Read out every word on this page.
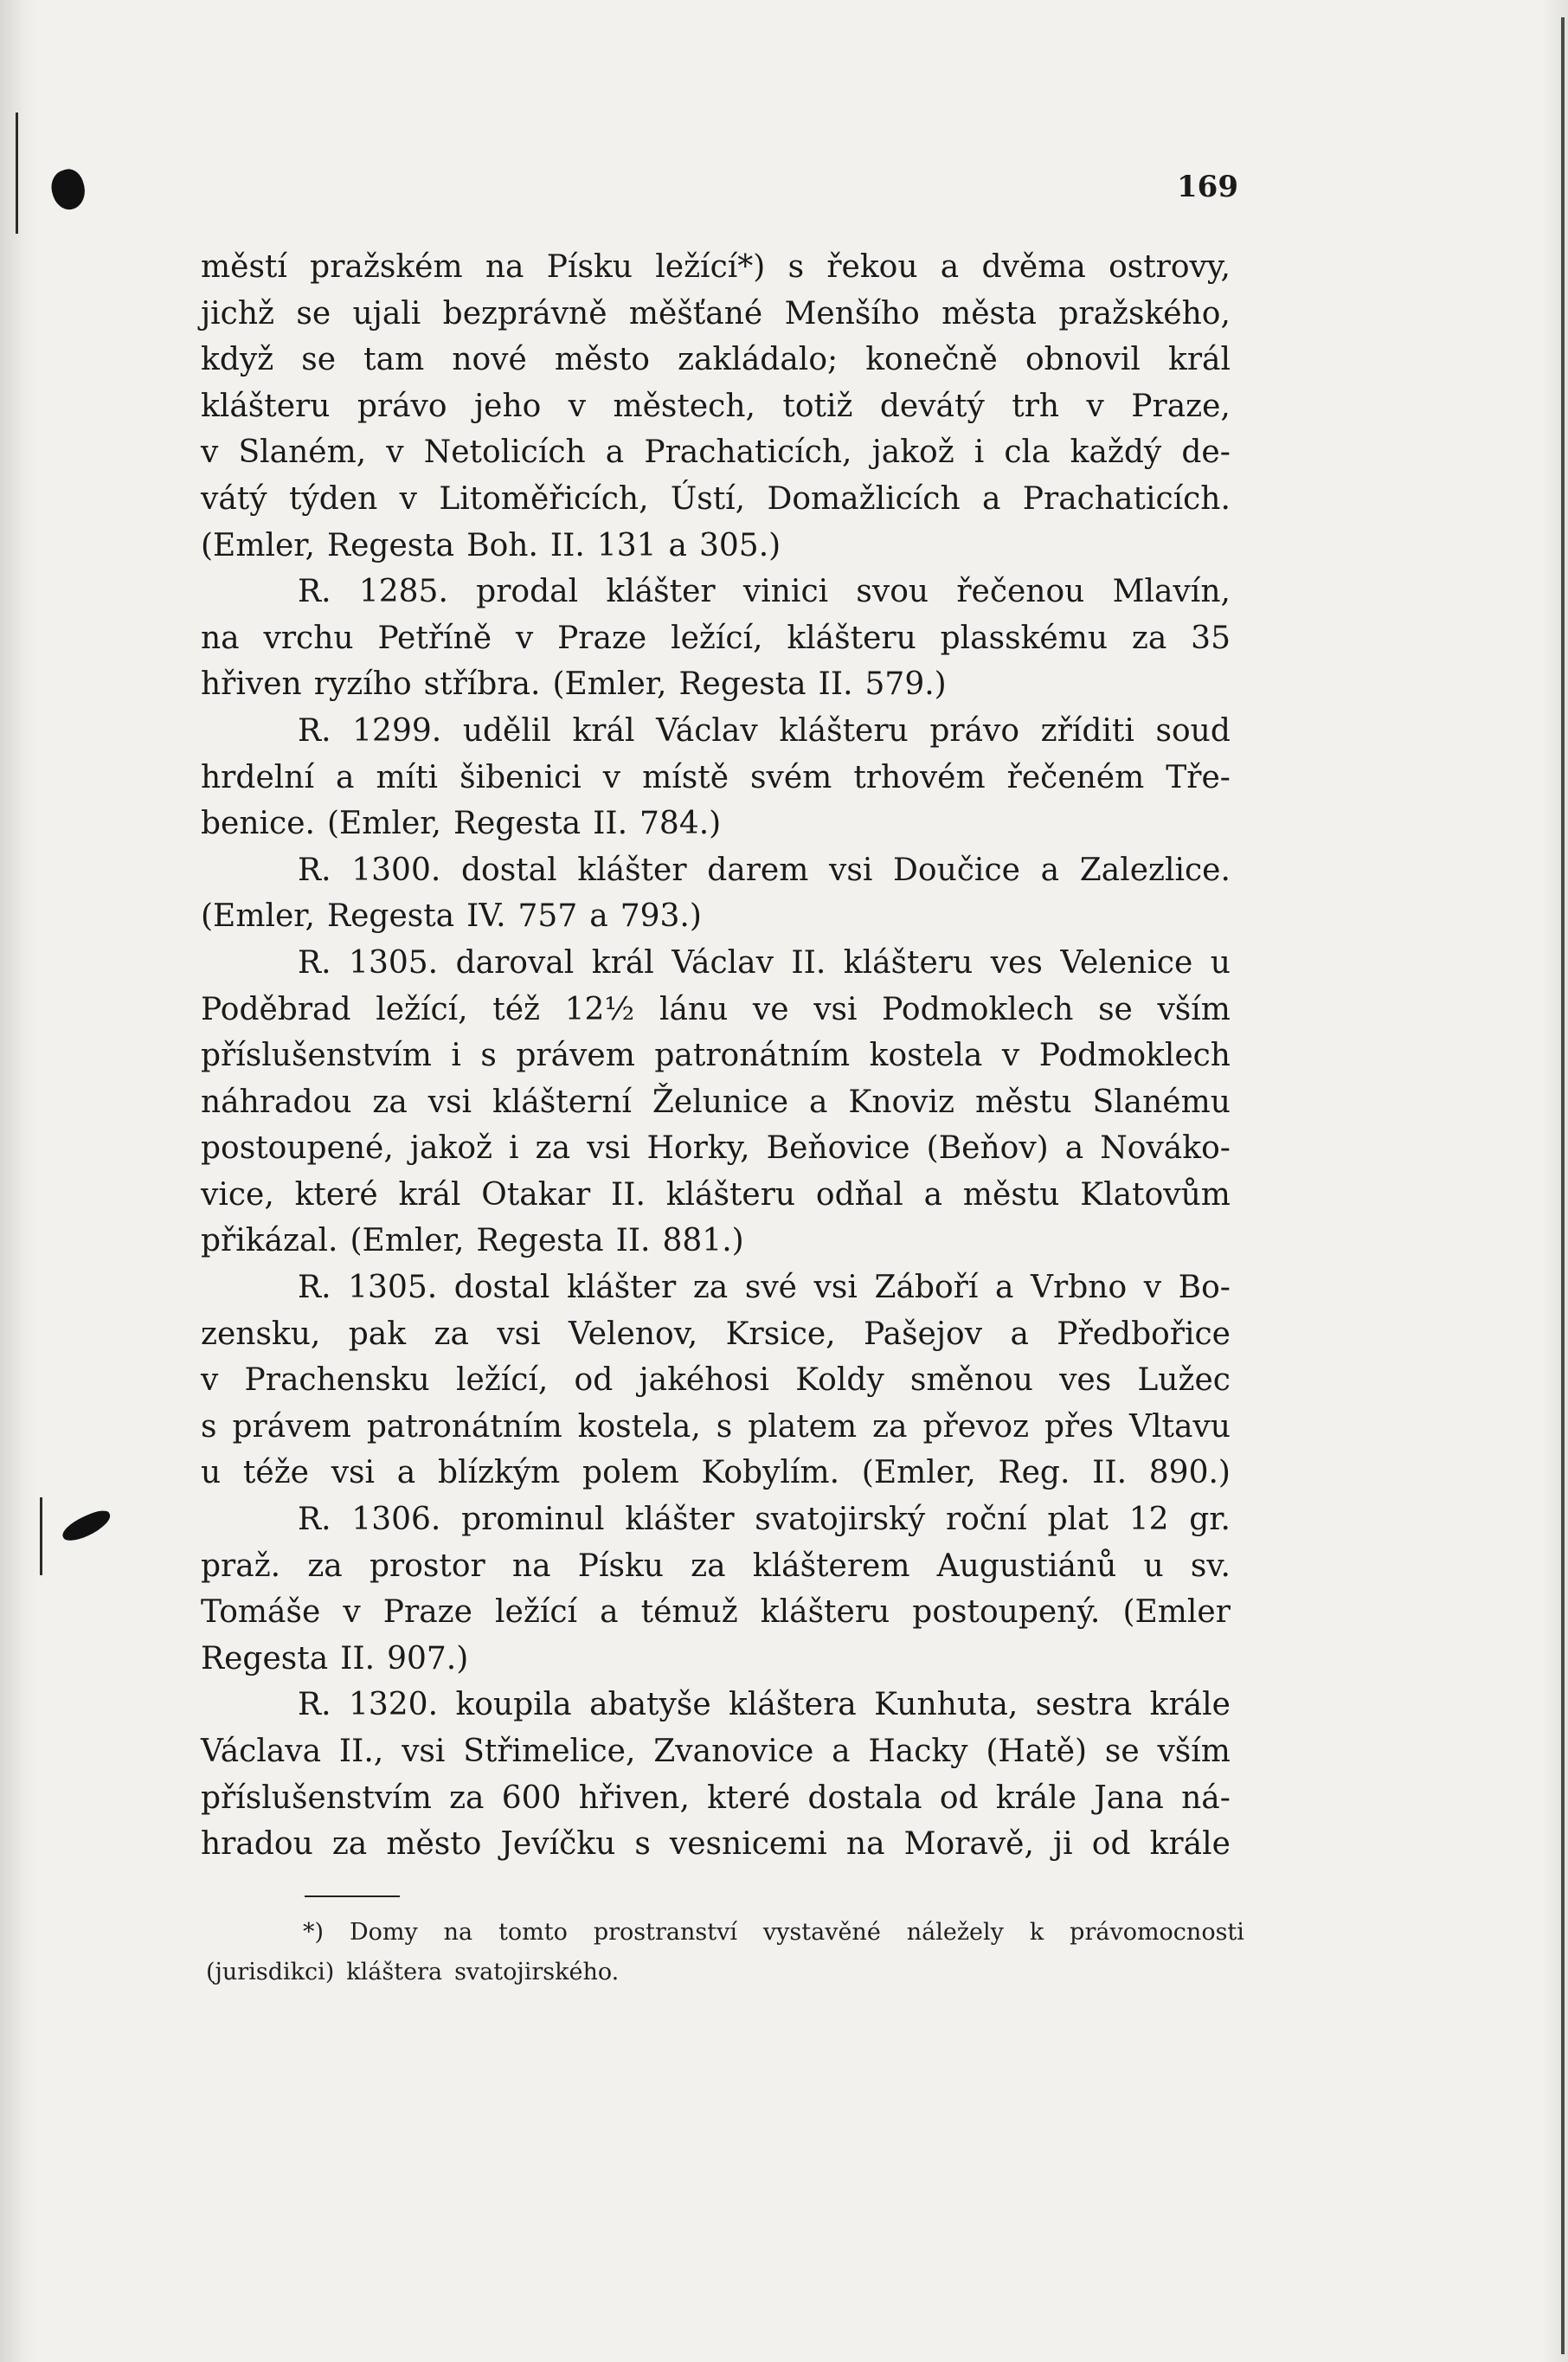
169
městí pražském na Písku ležící*) s řekou a dvěma ostrovy,
jichž se ujali bezprávně měšťané Menšího města pražského,
když se tam nové město zakládalo; konečně obnovil král
klášteru právo jeho v městech, totiž devátý trh v Praze,
v Slaném, v Netolicích a Prachaticích, jakož i cla každý de-
vátý týden v Litoměřicích, Ústí, Domažlicích a Prachaticích.
(Emler, Regesta Boh. II. 131 a 305.)
R. 1285. prodal klášter vinici svou řečenou Mlavín,
na vrchu Petříně v Praze ležící, klášteru plasskému za 35
hřiven ryzího stříbra. (Emler, Regesta II. 579.)
R. 1299. udělil král Václav klášteru právo zříditi soud
hrdelní a míti šibenici v místě svém trhovém řečeném Tře-
benice. (Emler, Regesta II. 784.)
R. 1300. dostal klášter darem vsi Doučice a Zalezlice.
(Emler, Regesta IV. 757 a 793.)
R. 1305. daroval král Václav II. klášteru ves Velenice u
Poděbrad ležící, též 12½ lánu ve vsi Podmoklech se vším
příslušenstvím i s právem patronátním kostela v Podmoklech
náhradou za vsi klášterní Želunice a Knoviz městu Slanému
postoupené, jakož i za vsi Horky, Beňovice (Beňov) a Nováko-
vice, které král Otakar II. klášteru odňal a městu Klatovům
přikázal. (Emler, Regesta II. 881.)
R. 1305. dostal klášter za své vsi Záboří a Vrbno v Bo-
zensku, pak za vsi Velenov, Krsice, Pašejov a Předbořice
v Prachensku ležící, od jakéhosi Koldy směnou ves Lužec
s právem patronátním kostela, s platem za převoz přes Vltavu
u téže vsi a blízkým polem Kobylím. (Emler, Reg. II. 890.)
R. 1306. prominul klášter svatojirský roční plat 12 gr.
praž. za prostor na Písku za klášterem Augustiánů u sv.
Tomáše v Praze ležící a témuž klášteru postoupený. (Emler
Regesta II. 907.)
R. 1320. koupila abatyše kláštera Kunhuta, sestra krále
Václava II., vsi Střimelice, Zvanovice a Hacky (Hatě) se vším
příslušenstvím za 600 hřiven, které dostala od krále Jana ná-
hradou za město Jevíčku s vesnicemi na Moravě, ji od krále
*) Domy na tomto prostranství vystavěné náležely k právomocnosti
(jurisdikci) kláštera svatojirského.
